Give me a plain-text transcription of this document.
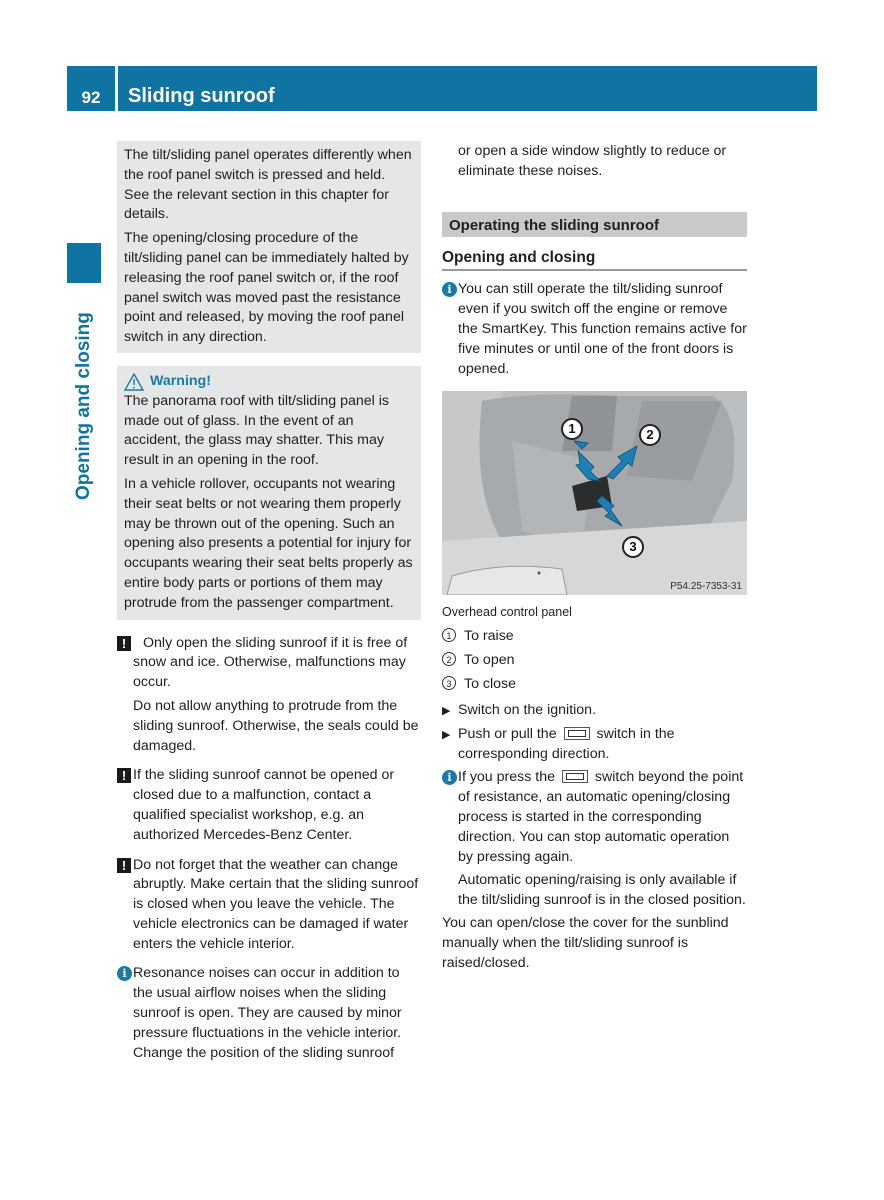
92	Sliding sunroof
Opening and closing

The tilt/sliding panel operates differently when the roof panel switch is pressed and held. See the relevant section in this chapter for details.

The opening/closing procedure of the tilt/sliding panel can be immediately halted by releasing the roof panel switch or, if the roof panel switch was moved past the resistance point and released, by moving the roof panel switch in any direction.

Warning!

The panorama roof with tilt/sliding panel is made out of glass. In the event of an accident, the glass may shatter. This may result in an opening in the roof.

In a vehicle rollover, occupants not wearing their seat belts or not wearing them properly may be thrown out of the opening. Such an opening also presents a potential for injury for occupants wearing their seat belts properly as entire body parts or portions of them may protrude from the passenger compartment.

!	Only open the sliding sunroof if it is free of snow and ice. Otherwise, malfunctions may occur.

Do not allow anything to protrude from the sliding sunroof. Otherwise, the seals could be damaged.

! If the sliding sunroof cannot be opened or closed due to a malfunction, contact a qualified specialist workshop, e.g. an authorized Mercedes-Benz Center.

! Do not forget that the weather can change abruptly. Make certain that the sliding sunroof is closed when you leave the vehicle. The vehicle electronics can be damaged if water enters the vehicle interior.

i Resonance noises can occur in addition to the usual airflow noises when the sliding sunroof is open. They are caused by minor pressure fluctuations in the vehicle interior. Change the position of the sliding sunroof

or open a side window slightly to reduce or eliminate these noises.

Operating the sliding sunroof
Opening and closing
i You can still operate the tilt/sliding sunroof even if you switch off the engine or remove the SmartKey. This function remains active for five minutes or until one of the front doors is opened.

1	2
3
P54.25-7353-31

Overhead control panel

1 To raise

2 To open

3 To close

▶ Switch on the ignition.

▶ Push or pull the	switch in the corresponding direction.

i If you press the	switch beyond the point of resistance, an automatic opening/closing process is started in the corresponding direction. You can stop automatic operation by pressing again.

Automatic opening/raising is only available if the tilt/sliding sunroof is in the closed position.

You can open/close the cover for the sunblind manually when the tilt/sliding sunroof is raised/closed.
